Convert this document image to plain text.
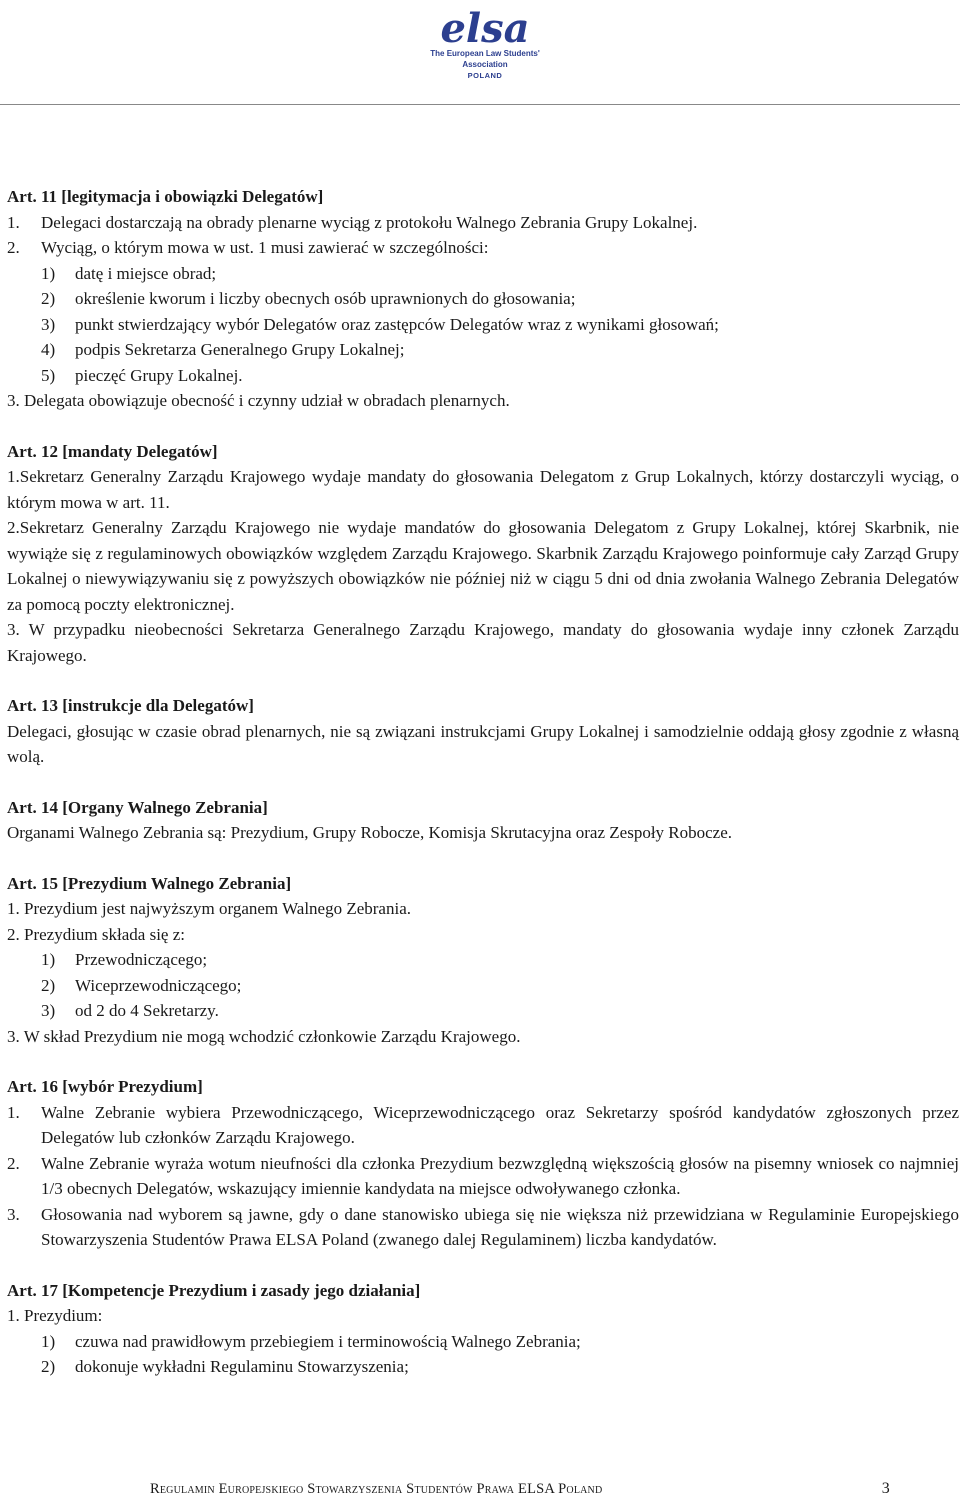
elsa
The European Law Students' Association
POLAND

Art. 11 [legitymacja i obowiązki Delegatów]

1.	Delegaci dostarczają na obrady plenarne wyciąg z protokołu Walnego Zebrania Grupy Lokalnej.
2.	Wyciąg, o którym mowa w ust. 1 musi zawierać w szczególności:
1)	datę i miejsce obrad;
2)	określenie kworum i liczby obecnych osób uprawnionych do głosowania;
3)	punkt stwierdzający wybór Delegatów oraz zastępców Delegatów wraz z wynikami głosowań;
4)	podpis Sekretarza Generalnego Grupy Lokalnej;
5)	pieczęć Grupy Lokalnej.

3. Delegata obowiązuje obecność i czynny udział w obradach plenarnych.

Art. 12 [mandaty Delegatów]

1.Sekretarz Generalny Zarządu Krajowego wydaje mandaty do głosowania Delegatom z Grup Lokalnych, którzy dostarczyli wyciąg, o którym mowa w art. 11.

2.Sekretarz Generalny Zarządu Krajowego nie wydaje mandatów do głosowania Delegatom z Grupy Lokalnej, której Skarbnik, nie wywiąże się z regulaminowych obowiązków względem Zarządu Krajowego. Skarbnik Zarządu Krajowego poinformuje cały Zarząd Grupy Lokalnej o niewywiązywaniu się z powyższych obowiązków nie później niż w ciągu 5 dni od dnia zwołania Walnego Zebrania Delegatów za pomocą poczty elektronicznej.

3. W przypadku nieobecności Sekretarza Generalnego Zarządu Krajowego, mandaty do głosowania wydaje inny członek Zarządu Krajowego.

Art. 13 [instrukcje dla Delegatów]

Delegaci, głosując w czasie obrad plenarnych, nie są związani instrukcjami Grupy Lokalnej i samodzielnie oddają głosy zgodnie z własną wolą.

Art. 14 [Organy Walnego Zebrania]

Organami Walnego Zebrania są: Prezydium, Grupy Robocze, Komisja Skrutacyjna oraz Zespoły Robocze.

Art. 15 [Prezydium Walnego Zebrania]

1. Prezydium jest najwyższym organem Walnego Zebrania.

2. Prezydium składa się z:

1)	Przewodniczącego;
2)	Wiceprzewodniczącego;
3)	od 2 do 4 Sekretarzy.

3. W skład Prezydium nie mogą wchodzić członkowie Zarządu Krajowego.

Art. 16 [wybór Prezydium]

1.	Walne Zebranie wybiera Przewodniczącego, Wiceprzewodniczącego oraz Sekretarzy spośród kandydatów zgłoszonych przez Delegatów lub członków Zarządu Krajowego.
2.	Walne Zebranie wyraża wotum nieufności dla członka Prezydium bezwzględną większością głosów na pisemny wniosek co najmniej 1/3 obecnych Delegatów, wskazujący imiennie kandydata na miejsce odwoływanego członka.
3.	Głosowania nad wyborem są jawne, gdy o dane stanowisko ubiega się nie większa niż przewidziana w Regulaminie Europejskiego Stowarzyszenia Studentów Prawa ELSA Poland (zwanego dalej Regulaminem) liczba kandydatów.

Art. 17 [Kompetencje Prezydium i zasady jego działania]

1. Prezydium:

1)	czuwa nad prawidłowym przebiegiem i terminowością Walnego Zebrania;
2)	dokonuje wykładni Regulaminu Stowarzyszenia;
Regulamin Europejskiego Stowarzyszenia Studentów Prawa ELSA Poland	3
